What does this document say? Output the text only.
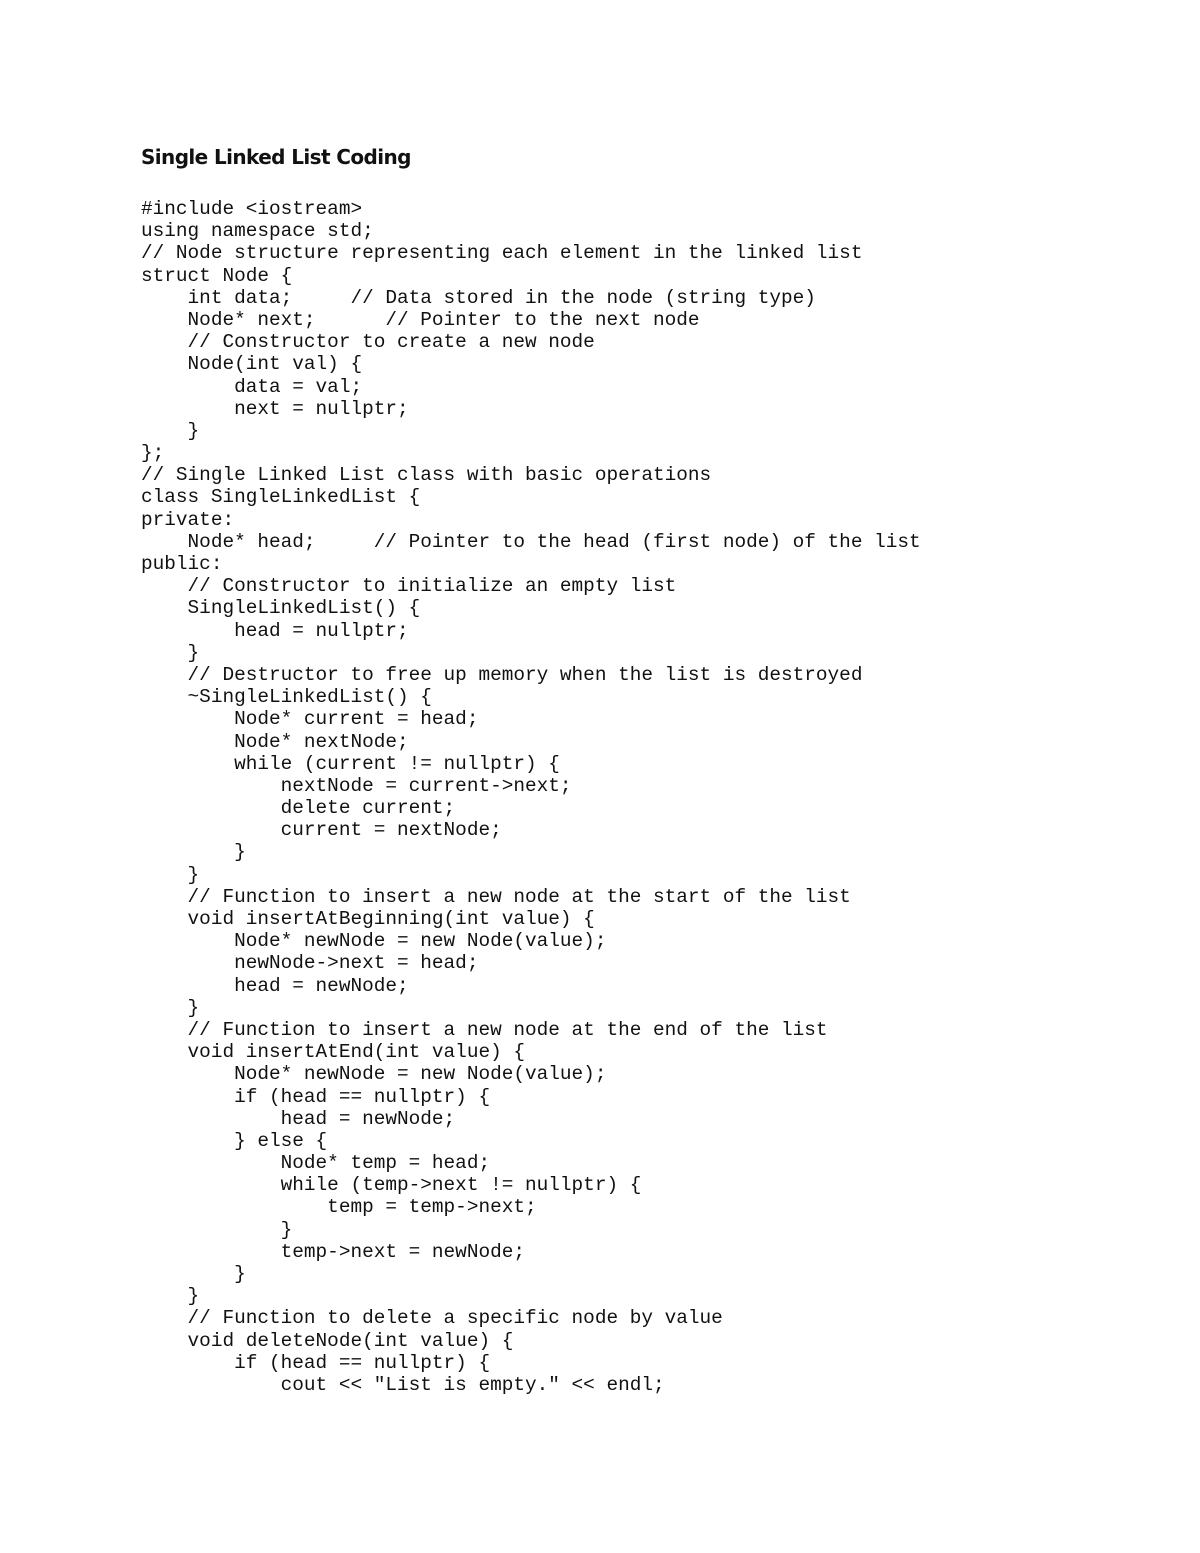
Single Linked List Coding
#include <iostream>
using namespace std;
// Node structure representing each element in the linked list
struct Node {
int data;     // Data stored in the node (string type)
Node* next;      // Pointer to the next node
// Constructor to create a new node
Node(int val) {
data = val;
next = nullptr;
}
};
// Single Linked List class with basic operations
class SingleLinkedList {
private:
Node* head;     // Pointer to the head (first node) of the list
public:
// Constructor to initialize an empty list
SingleLinkedList() {
head = nullptr;
}
// Destructor to free up memory when the list is destroyed
~SingleLinkedList() {
Node* current = head;
Node* nextNode;
while (current != nullptr) {
nextNode = current->next;
delete current;
current = nextNode;
}
}
// Function to insert a new node at the start of the list
void insertAtBeginning(int value) {
Node* newNode = new Node(value);
newNode->next = head;
head = newNode;
}
// Function to insert a new node at the end of the list
void insertAtEnd(int value) {
Node* newNode = new Node(value);
if (head == nullptr) {
head = newNode;
} else {
Node* temp = head;
while (temp->next != nullptr) {
temp = temp->next;
}
temp->next = newNode;
}
}
// Function to delete a specific node by value
void deleteNode(int value) {
if (head == nullptr) {
cout << "List is empty." << endl;
